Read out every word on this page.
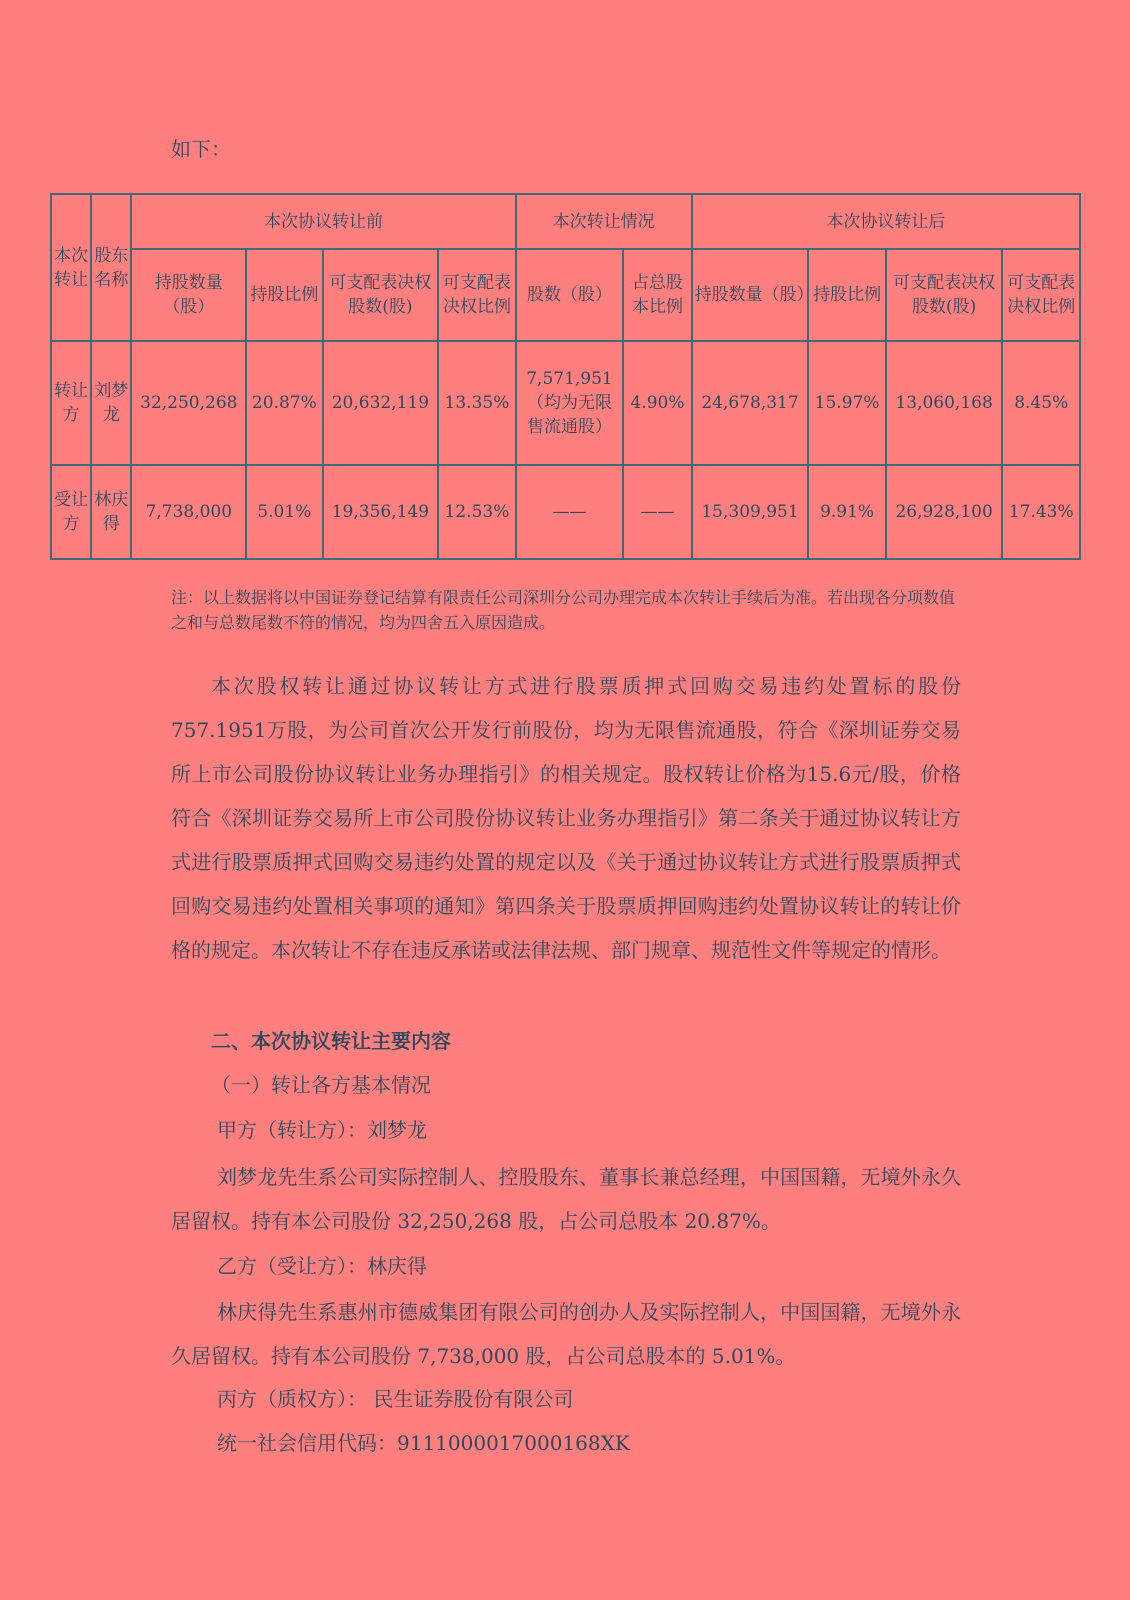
如下：
本次转让	股东名称	本次协议转让前				本次转让情况		本次协议转让后			
		持股数量（股）	持股比例	可支配表决权股数(股)	可支配表决权比例	股数（股）	占总股本比例	持股数量（股）	持股比例	可支配表决权股数(股)	可支配表决权比例
转让方	刘梦龙	32,250,268	20.87%	20,632,119	13.35%	7,571,951（均为无限售流通股）	4.90%	24,678,317	15.97%	13,060,168	8.45%
受让方	林庆得	7,738,000	5.01%	19,356,149	12.53%	——	——	15,309,951	9.91%	26,928,100	17.43%
注：以上数据将以中国证券登记结算有限责任公司深圳分公司办理完成本次转让手续后为准。若出现各分项数值之和与总数尾数不符的情况，均为四舍五入原因造成。
本次股权转让通过协议转让方式进行股票质押式回购交易违约处置标的股份757.1951万股，为公司首次公开发行前股份，均为无限售流通股，符合《深圳证券交易所上市公司股份协议转让业务办理指引》的相关规定。股权转让价格为15.6元/股，价格符合《深圳证券交易所上市公司股份协议转让业务办理指引》第二条关于通过协议转让方式进行股票质押式回购交易违约处置的规定以及《关于通过协议转让方式进行股票质押式回购交易违约处置相关事项的通知》第四条关于股票质押回购违约处置协议转让的转让价格的规定。本次转让不存在违反承诺或法律法规、部门规章、规范性文件等规定的情形。
二、本次协议转让主要内容
（一）转让各方基本情况
甲方（转让方）：刘梦龙
刘梦龙先生系公司实际控制人、控股股东、董事长兼总经理，中国国籍，无境外永久居留权。持有本公司股份 32,250,268 股，占公司总股本 20.87%。
乙方（受让方）：林庆得
林庆得先生系惠州市德威集团有限公司的创办人及实际控制人，中国国籍，无境外永久居留权。持有本公司股份 7,738,000 股，占公司总股本的 5.01%。
丙方（质权方）： 民生证券股份有限公司
统一社会信用代码：911100001700016​8XK
